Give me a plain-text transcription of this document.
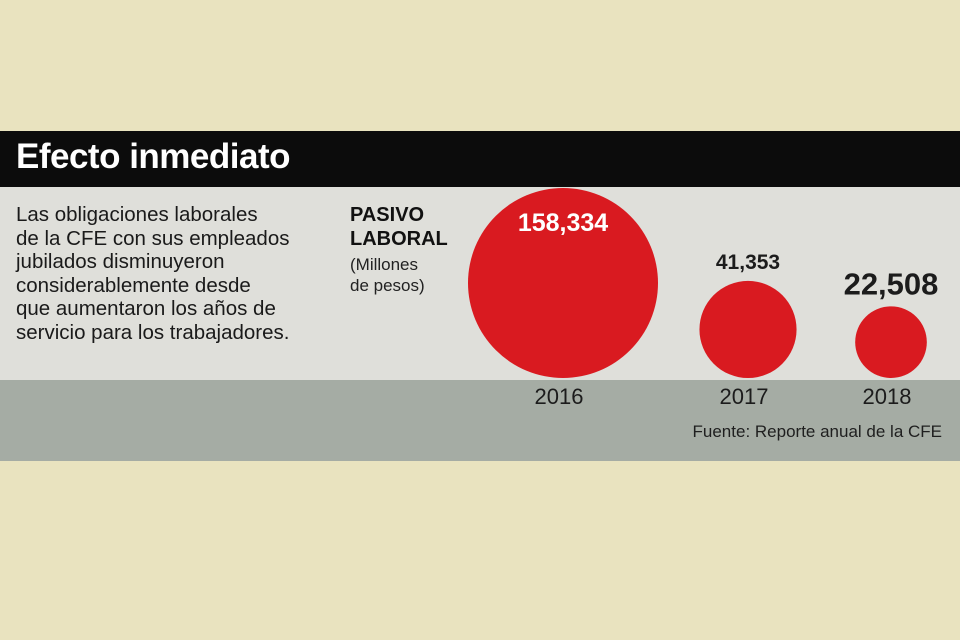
Efecto inmediato
Las obligaciones laborales
de la CFE con sus empleados
jubilados disminuyeron
considerablemente desde
que aumentaron los años de
servicio para los trabajadores.
PASIVO
LABORAL
(Millones
de pesos)
158,334
2016
41,353
2017
22,508
2018
Fuente: Reporte anual de la CFE
